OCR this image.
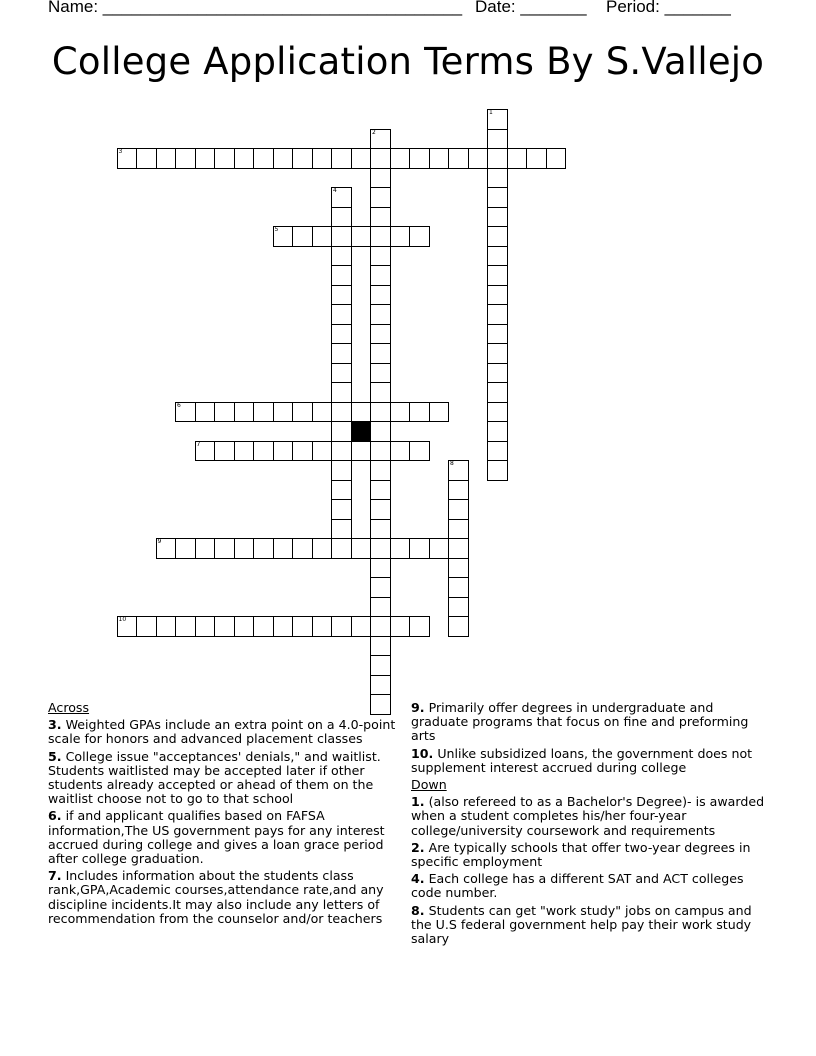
Name: ______________________________________ Date: _______ Period: _______
College Application Terms By S.Vallejo
3
5
6
7
9
10
1
2
4
8
Across
3. Weighted GPAs include an extra point on a 4.0-point scale for honors and advanced placement classes
5. College issue "acceptances' denials," and waitlist. Students waitlisted may be accepted later if other students already accepted or ahead of them on the waitlist choose not to go to that school
6. if and applicant qualifies based on FAFSA information,The US government pays for any interest accrued during college and gives a loan grace period after college graduation.
7. Includes information about the students class rank,GPA,Academic courses,attendance rate,and any discipline incidents.It may also include any letters of recommendation from the counselor and/or teachers
9. Primarily offer degrees in undergraduate and graduate programs that focus on fine and preforming arts
10. Unlike subsidized loans, the government does not supplement interest accrued during college
Down
1. (also refereed to as a Bachelor's Degree)- is awarded when a student completes his/her four-year college/university coursework and requirements
2. Are typically schools that offer two-year degrees in specific employment
4. Each college has a different SAT and ACT colleges code number.
8. Students can get "work study" jobs on campus and the U.S federal government help pay their work study salary
